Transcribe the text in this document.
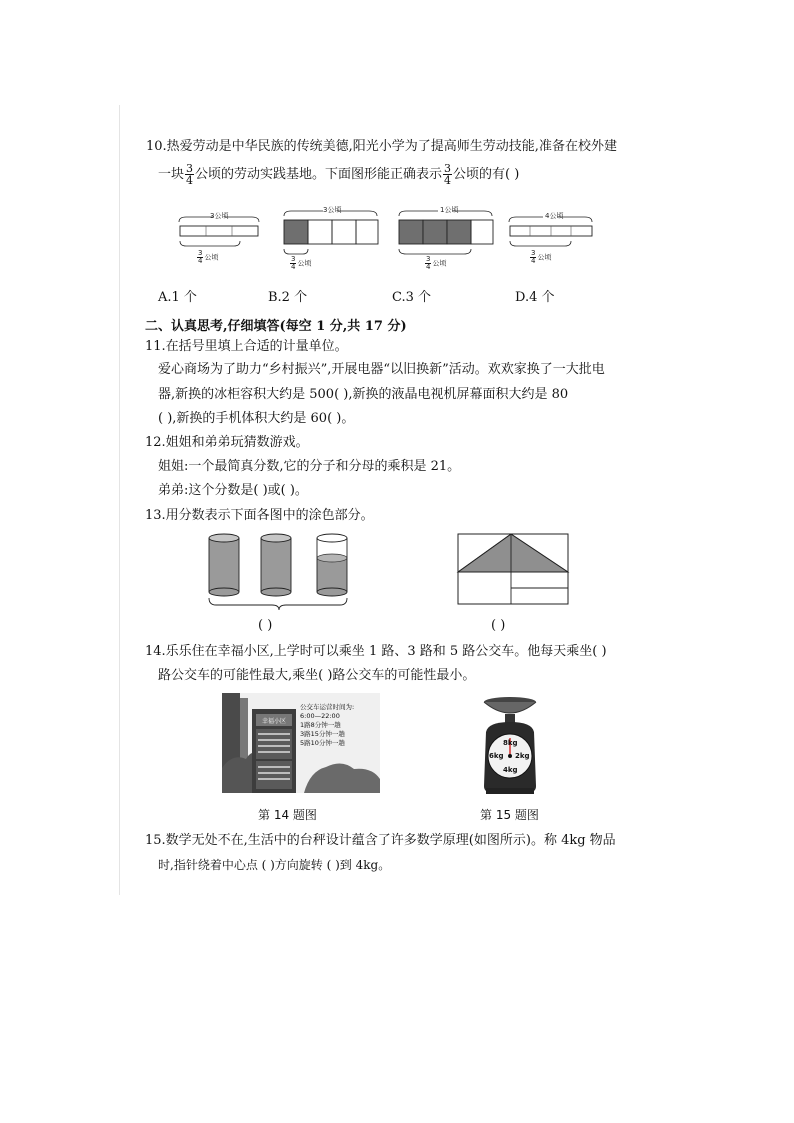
10.热爱劳动是中华民族的传统美德,阳光小学为了提高师生劳动技能,准备在校外建
一块 $\frac{3}{4}$ 公顷的劳动实践基地。下面图形能正确表示 $\frac{3}{4}$ 公顷的有( )
3公顷
$\frac{3}{4}$ 公顷
3公顷
$\frac{3}{4}$ 公顷
1公顷
$\frac{3}{4}$ 公顷
4公顷
$\frac{3}{4}$ 公顷
A.1 个	B.2 个	C.3 个	D.4 个
二、认真思考,仔细填答(每空 1 分,共 17 分)
11.在括号里填上合适的计量单位。
爱心商场为了助力“乡村振兴”,开展电器“以旧换新”活动。欢欢家换了一大批电
器,新换的冰柜容积大约是 500( ),新换的液晶电视机屏幕面积大约是 80
( ),新换的手机体积大约是 60( )。
12.姐姐和弟弟玩猜数游戏。
姐姐:一个最简真分数,它的分子和分母的乘积是 21。
弟弟:这个分数是( )或( )。
13.用分数表示下面各图中的涂色部分。
( )	( )
14.乐乐住在幸福小区,上学时可以乘坐 1 路、3 路和 5 路公交车。他每天乘坐( )
路公交车的可能性最大,乘坐( )路公交车的可能性最小。
幸福小区
公交车运营时间为:
6:00—22:00
1路8分钟一趟
3路15分钟一趟
5路10分钟一趟
第 14 题图
8kg
6kg 2kg
4kg
第 15 题图
15.数学无处不在,生活中的台秤设计蕴含了许多数学原理(如图所示)。称 4kg 物品
时,指针绕着中心点 ( )方向旋转 ( )到 4kg。
